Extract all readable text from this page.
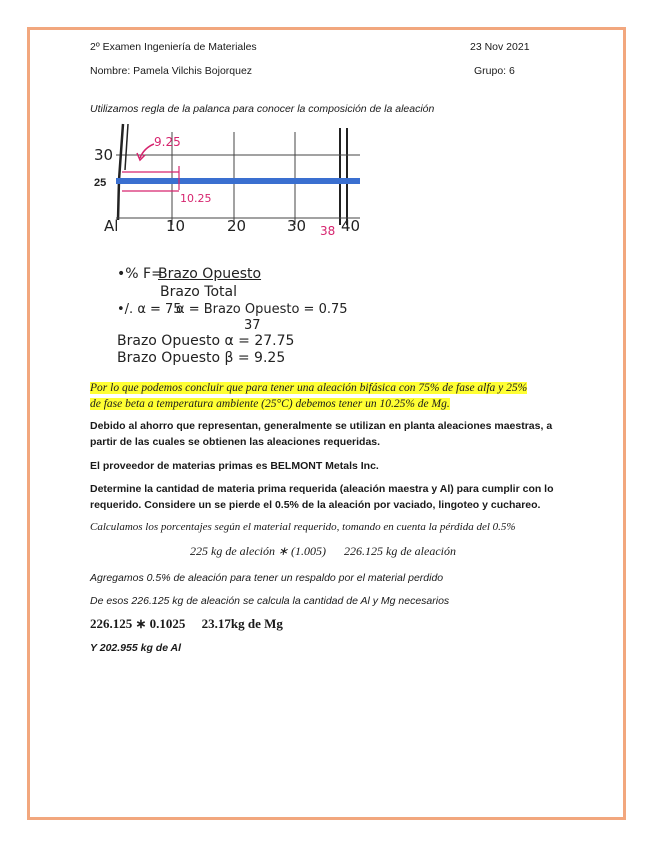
2º Examen Ingeniería de Materiales	23 Nov 2021
Nombre: Pamela Vilchis Bojorquez	Grupo: 6
Utilizamos regla de la palanca para conocer la composición de la aleación
30
25
Al	10	20	30 40
38
9.25
10.25
•% F=
Brazo Opuesto
Brazo Total
•/. α = 75
α = Brazo Opuesto = 0.75
37
Brazo Opuesto α = 27.75
Brazo Opuesto β = 9.25
Por lo que podemos concluir que para tener una aleación bifásica con 75% de fase alfa y 25%
de fase beta a temperatura ambiente (25°C) debemos tener un 10.25% de Mg.
Debido al ahorro que representan, generalmente se utilizan en planta aleaciones maestras, a
partir de las cuales se obtienen las aleaciones requeridas.
El proveedor de materias primas es BELMONT Metals Inc.
Determine la cantidad de materia prima requerida (aleación maestra y Al) para cumplir con lo
requerido. Considere un se pierde el 0.5% de la aleación por vaciado, lingoteo y cuchareo.
Calculamos los porcentajes según el material requerido, tomando en cuenta la pérdida del 0.5%
225 kg de aleción ∗ (1.005)      226.125 kg de aleación
Agregamos 0.5% de aleación para tener un respaldo por el material perdido
De esos 226.125 kg de aleación se calcula la cantidad de Al y Mg necesarios
226.125 ∗ 0.1025     23.17kg de Mg
Y 202.955 kg de Al
